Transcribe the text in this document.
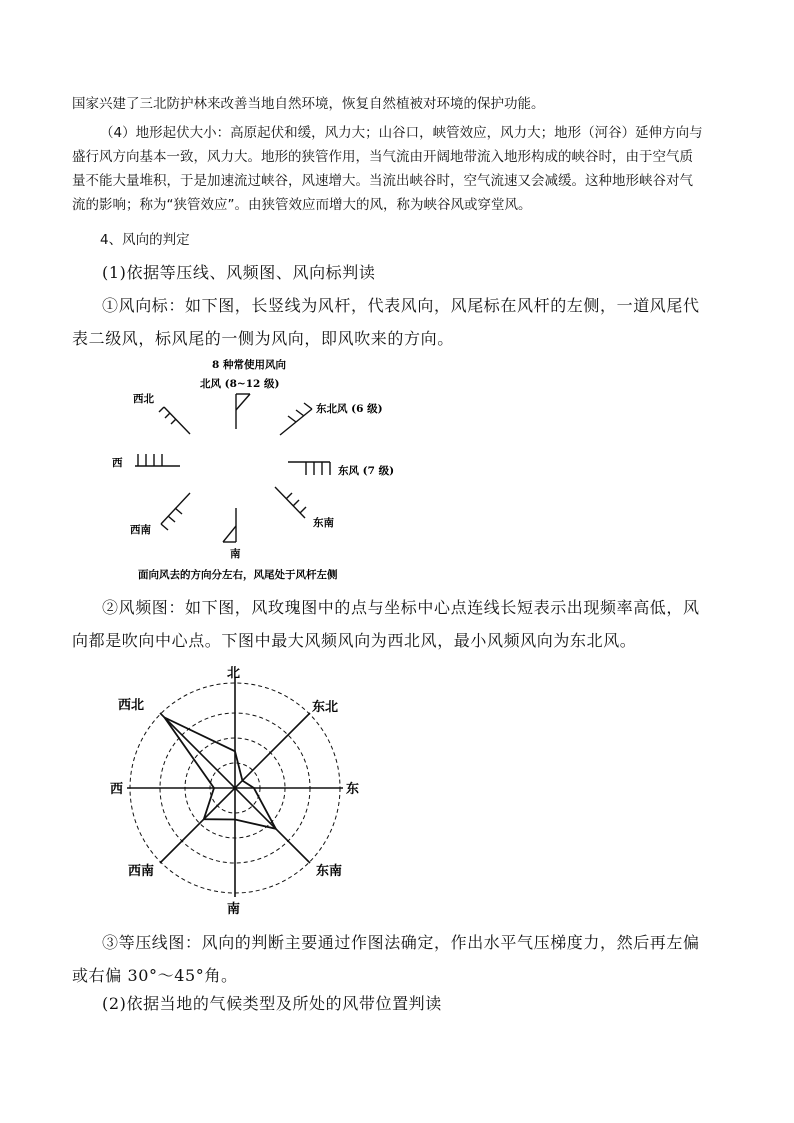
国家兴建了三北防护林来改善当地自然环境，恢复自然植被对环境的保护功能。
（4）地形起伏大小：高原起伏和缓，风力大；山谷口，峡管效应，风力大；地形（河谷）延伸方向与
盛行风方向基本一致，风力大。地形的狭管作用，当气流由开阔地带流入地形构成的峡谷时，由于空气质
量不能大量堆积，于是加速流过峡谷，风速增大。当流出峡谷时，空气流速又会减缓。这种地形峡谷对气
流的影响；称为“狭管效应”。由狭管效应而增大的风，称为峡谷风或穿堂风。
4、风向的判定
(1)依据等压线、风频图、风向标判读
①风向标：如下图，长竖线为风杆，代表风向，风尾标在风杆的左侧，一道风尾代
表二级风，标风尾的一侧为风向，即风吹来的方向。
8 种常使用风向
北风 (8~12 级)
西北
东北风 (6 级)
西
东风 (7 级)
西南
东南
南
面向风去的方向分左右，风尾处于风杆左侧
②风频图：如下图，风玫瑰图中的点与坐标中心点连线长短表示出现频率高低，风
向都是吹向中心点。下图中最大风频风向为西北风，最小风频风向为东北风。
北
东北
东
东南
南
西南
西
西北
③等压线图：风向的判断主要通过作图法确定，作出水平气压梯度力，然后再左偏
或右偏 30°～45°角。
(2)依据当地的气候类型及所处的风带位置判读
